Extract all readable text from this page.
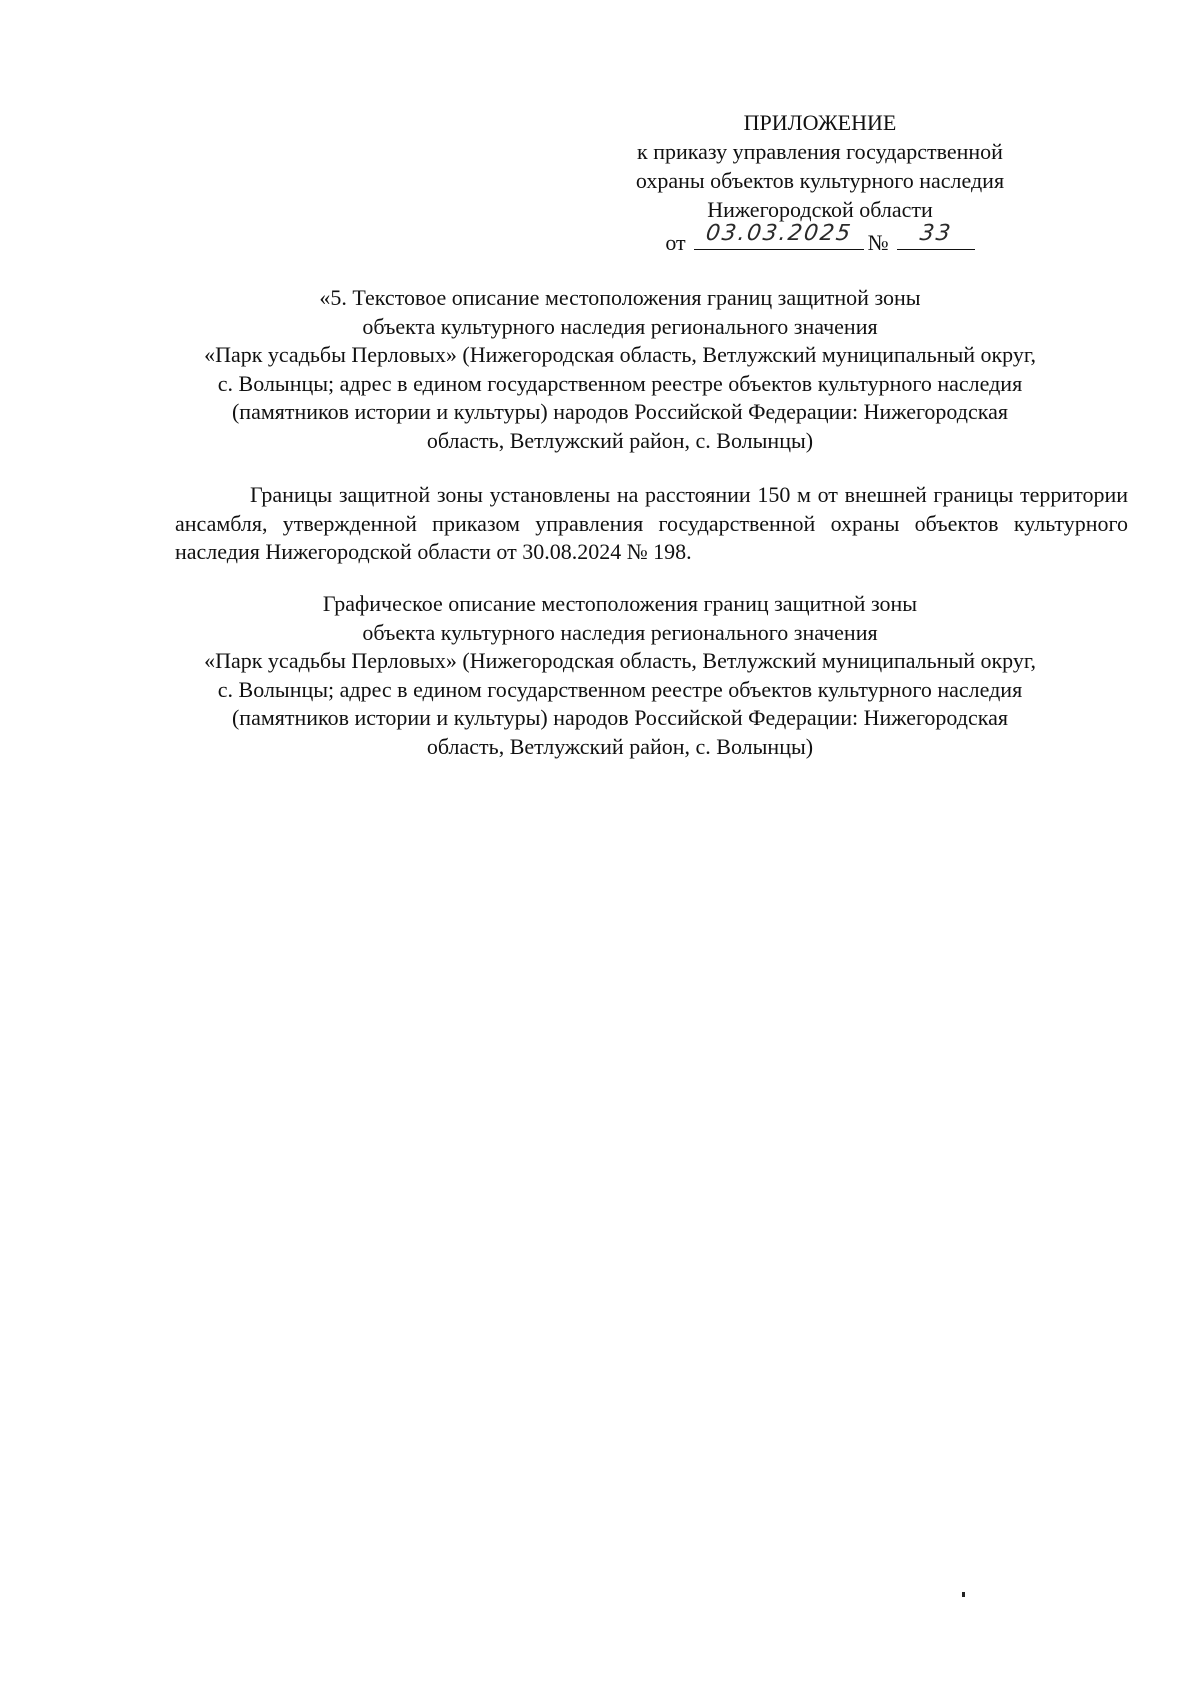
ПРИЛОЖЕНИЕ
к приказу управления государственной
охраны объектов культурного наследия
Нижегородской области
от 03.03.2025 №	33
«5. Текстовое описание местоположения границ защитной зоны
объекта культурного наследия регионального значения
«Парк усадьбы Перловых» (Нижегородская область, Ветлужский муниципальный округ,
с. Волынцы; адрес в едином государственном реестре объектов культурного наследия
(памятников истории и культуры) народов Российской Федерации: Нижегородская
область, Ветлужский район, с. Волынцы)
Границы защитной зоны установлены на расстоянии 150 м от внешней границы территории ансамбля, утвержденной приказом управления государственной охраны объектов культурного наследия Нижегородской области от 30.08.2024 № 198.
Графическое описание местоположения границ защитной зоны
объекта культурного наследия регионального значения
«Парк усадьбы Перловых» (Нижегородская область, Ветлужский муниципальный округ,
с. Волынцы; адрес в едином государственном реестре объектов культурного наследия
(памятников истории и культуры) народов Российской Федерации: Нижегородская
область, Ветлужский район, с. Волынцы)
